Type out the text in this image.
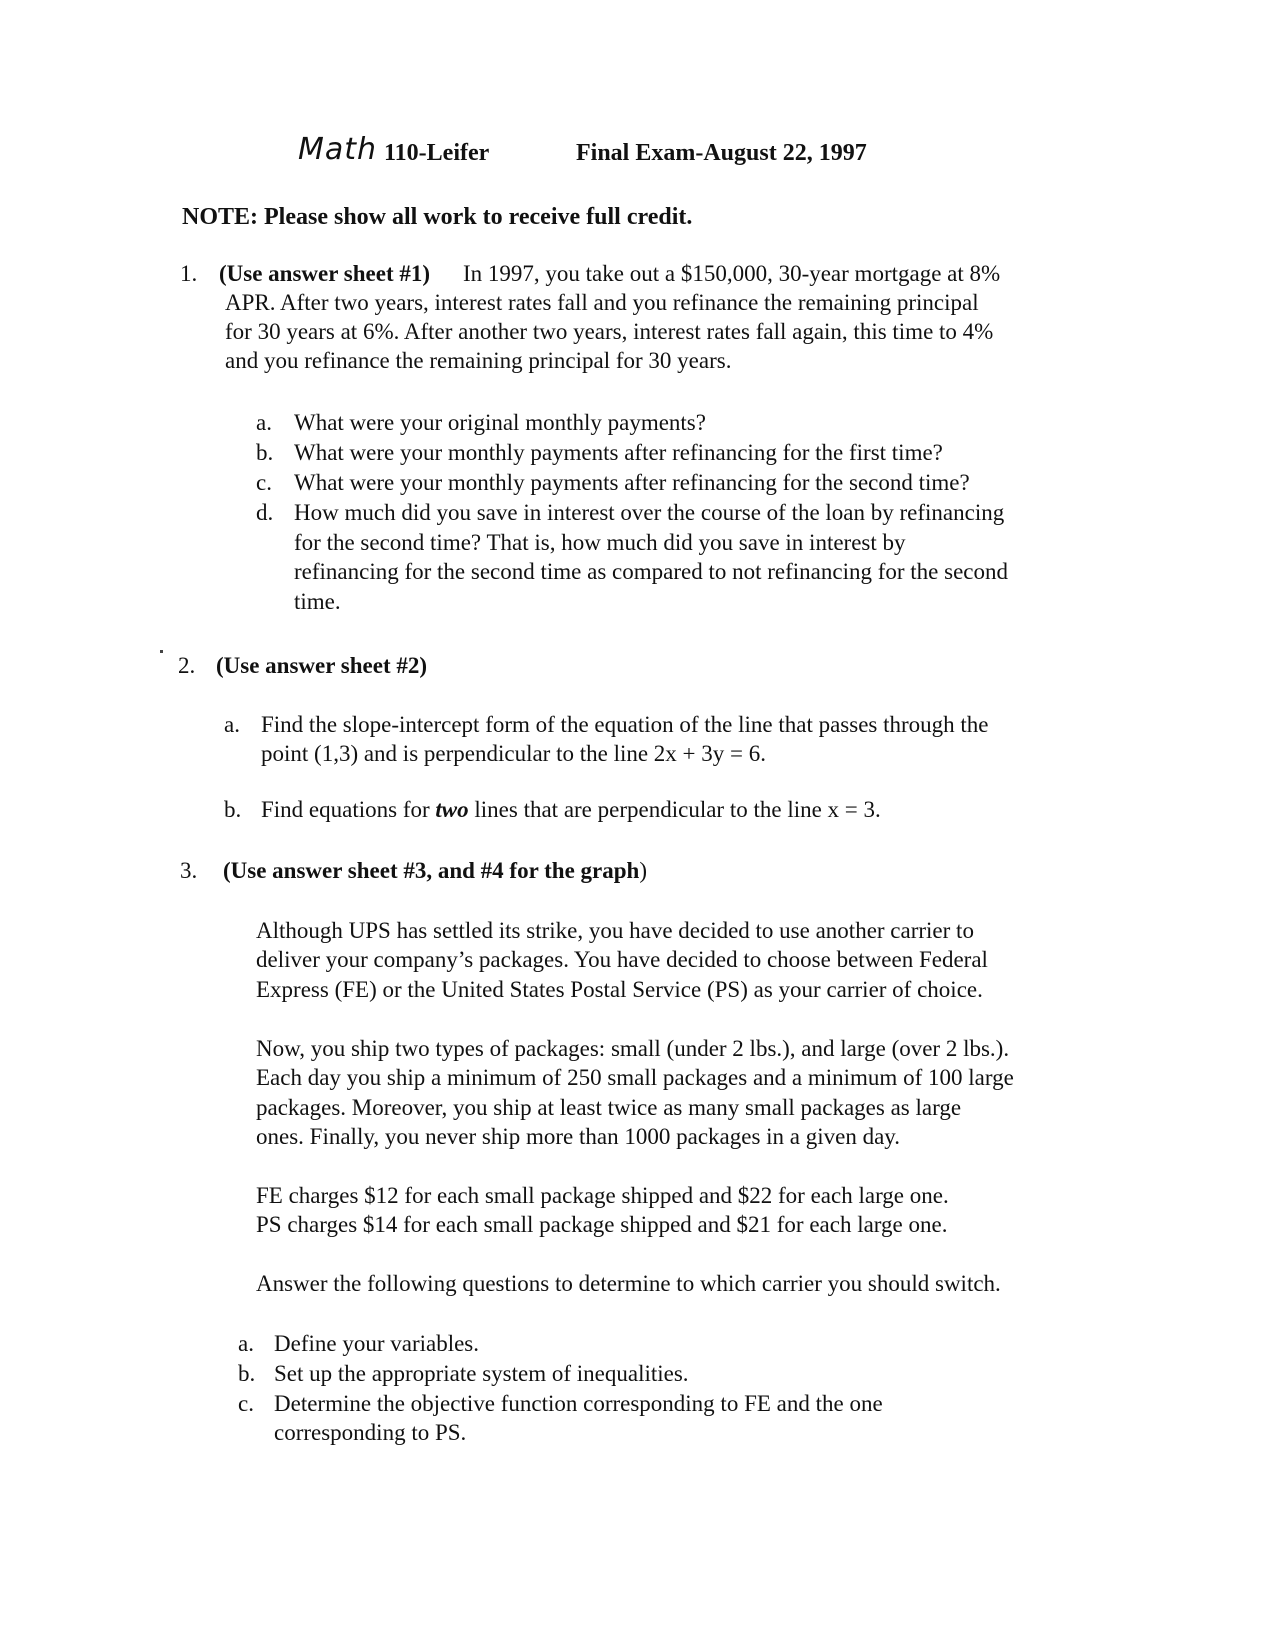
Math 110-Leifer	Final Exam-August 22, 1997
NOTE: Please show all work to receive full credit.
1. (Use answer sheet #1) In 1997, you take out a $150,000, 30-year mortgage at 8%
APR. After two years, interest rates fall and you refinance the remaining principal
for 30 years at 6%. After another two years, interest rates fall again, this time to 4%
and you refinance the remaining principal for 30 years.
a. What were your original monthly payments?
b. What were your monthly payments after refinancing for the first time?
c. What were your monthly payments after refinancing for the second time?
d. How much did you save in interest over the course of the loan by refinancing
for the second time? That is, how much did you save in interest by
refinancing for the second time as compared to not refinancing for the second
time.
2. (Use answer sheet #2)
a. Find the slope-intercept form of the equation of the line that passes through the
point (1,3) and is perpendicular to the line 2x + 3y = 6.
b. Find equations for two lines that are perpendicular to the line x = 3.
3. (Use answer sheet #3, and #4 for the graph)
Although UPS has settled its strike, you have decided to use another carrier to
deliver your company’s packages. You have decided to choose between Federal
Express (FE) or the United States Postal Service (PS) as your carrier of choice.
Now, you ship two types of packages: small (under 2 lbs.), and large (over 2 lbs.).
Each day you ship a minimum of 250 small packages and a minimum of 100 large
packages. Moreover, you ship at least twice as many small packages as large
ones. Finally, you never ship more than 1000 packages in a given day.
FE charges $12 for each small package shipped and $22 for each large one.
PS charges $14 for each small package shipped and $21 for each large one.
Answer the following questions to determine to which carrier you should switch.
a. Define your variables.
b. Set up the appropriate system of inequalities.
c. Determine the objective function corresponding to FE and the one
corresponding to PS.
